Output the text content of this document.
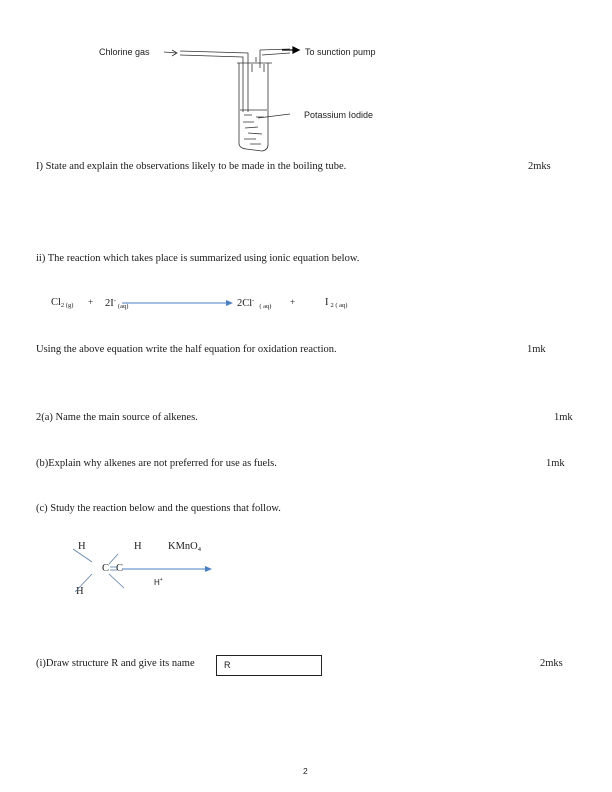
Chlorine gas	To sunction pump
Potassium Iodide
I) State and explain the observations likely to be made in the boiling tube.	2mks
ii) The reaction which takes place is summarized using ionic equation below.
$Cl_{2 (g)} + 2I^-_{(aq)}$	$2Cl^-_{( aq)}$ +	I $_{2 ( aq)}$
Using the above equation write the half equation for oxidation reaction.	1mk
2(a) Name the main source of alkenes.	1mk
(b)Explain why alkenes are not preferred for use as fuels.	1mk
(c) Study the reaction below and the questions that follow.
H	H	KMnO$_4$
C C
H+
H
(i)Draw structure R and give its name	R	2mks
2
